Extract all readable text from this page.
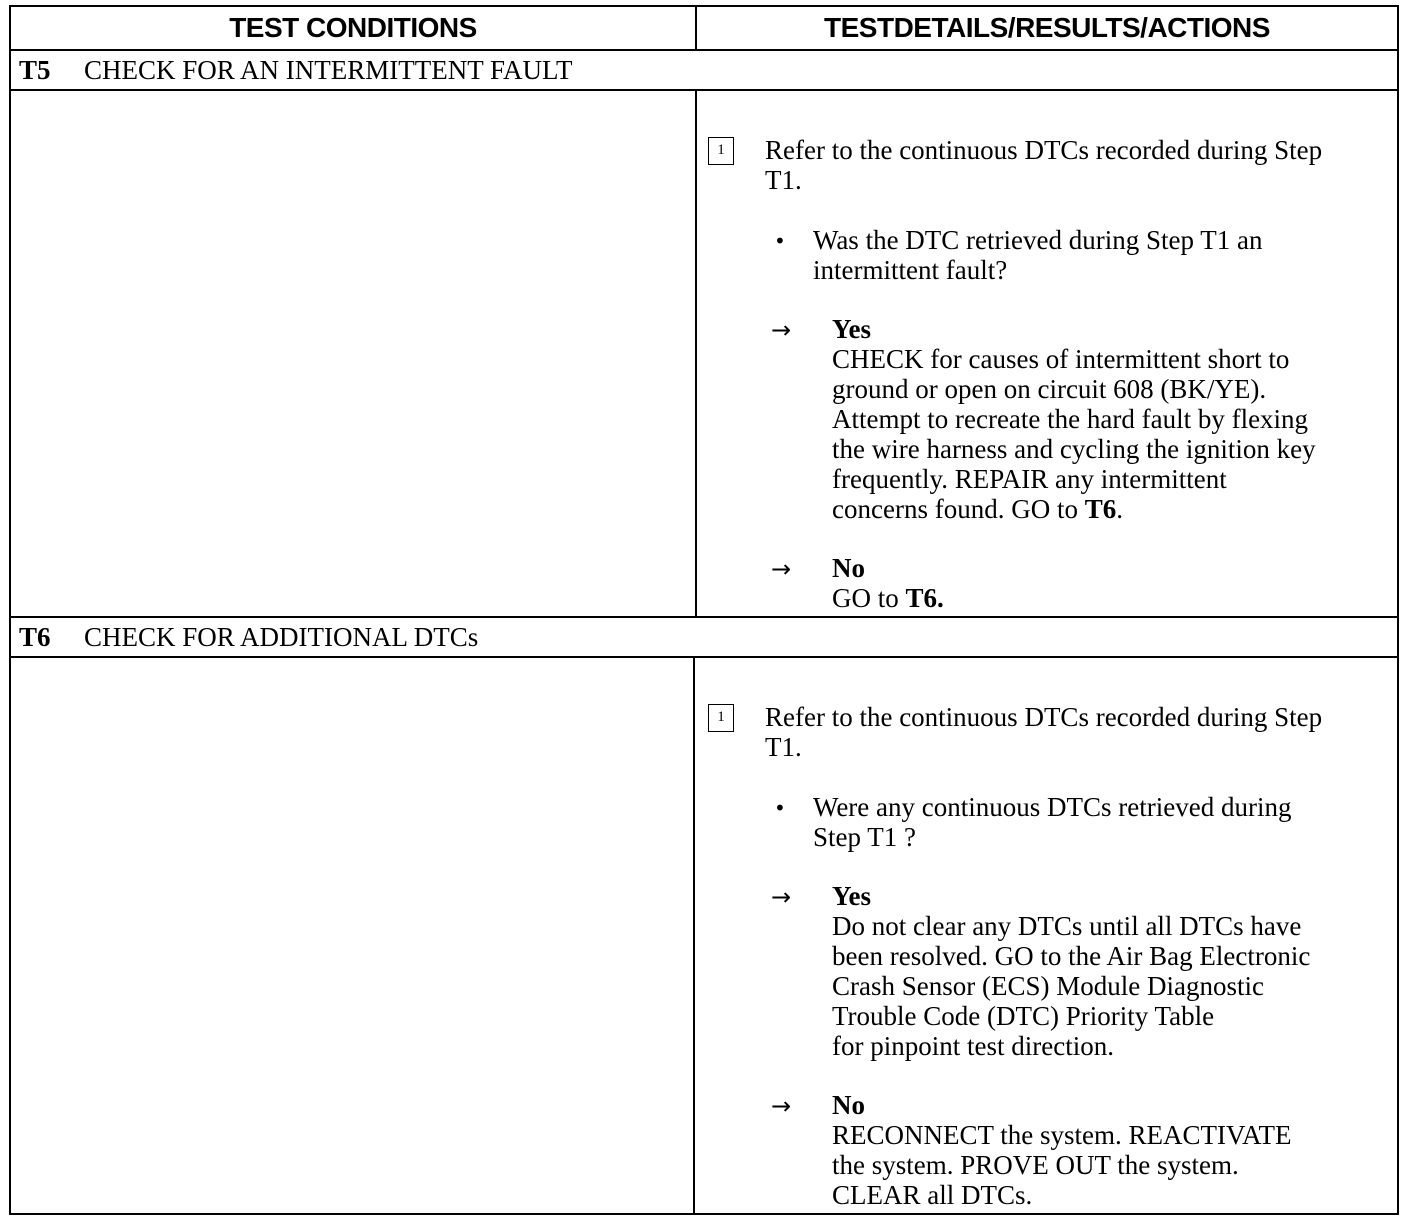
TEST CONDITIONS	TESTDETAILS/RESULTS/ACTIONS
T5 CHECK FOR AN INTERMITTENT FAULT
1	Refer to the continuous DTCs recorded during Step
T1.
• Was the DTC retrieved during Step T1 an
intermittent fault?
→ Yes
CHECK for causes of intermittent short to
ground or open on circuit 608 (BK/YE).
Attempt to recreate the hard fault by flexing
the wire harness and cycling the ignition key
frequently. REPAIR any intermittent
concerns found. GO to T6.
→ No
GO to T6.
T6 CHECK FOR ADDITIONAL DTCs
1	Refer to the continuous DTCs recorded during Step
T1.
• Were any continuous DTCs retrieved during
Step T1 ?
→ Yes
Do not clear any DTCs until all DTCs have
been resolved. GO to the Air Bag Electronic
Crash Sensor (ECS) Module Diagnostic
Trouble Code (DTC) Priority Table
for pinpoint test direction.
→ No
RECONNECT the system. REACTIVATE
the system. PROVE OUT the system.
CLEAR all DTCs.
